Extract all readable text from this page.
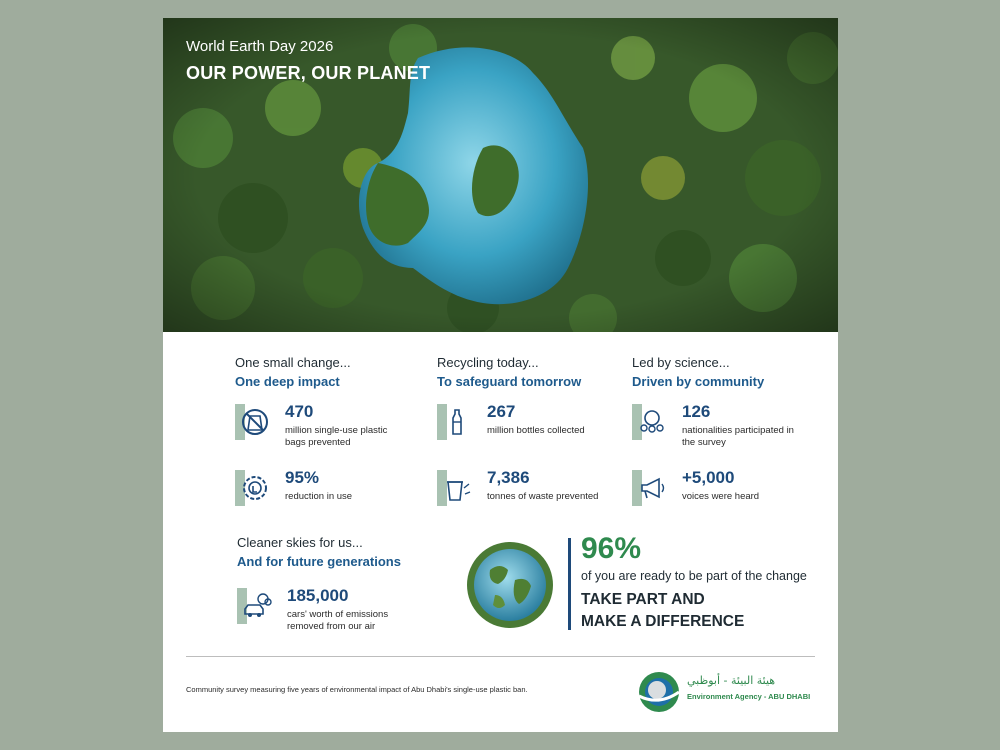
World Earth Day 2026
OUR POWER, OUR PLANET
One small change...
One deep impact
470
million single-use plastic bags prevented
95%
reduction in use
Recycling today...
To safeguard tomorrow
267
million bottles collected
7,386
tonnes of waste prevented
Led by science...
Driven by community
126
nationalities participated in the survey
+5,000
voices were heard
Cleaner skies for us...
And for future generations
185,000
cars' worth of emissions removed from our air
96%
of you are ready to be part of the change
TAKE PART AND
MAKE A DIFFERENCE
Community survey measuring five years of environmental impact of Abu Dhabi's single-use plastic ban.
هيئة البيئة - أبوظبي
Environment Agency - ABU DHABI
